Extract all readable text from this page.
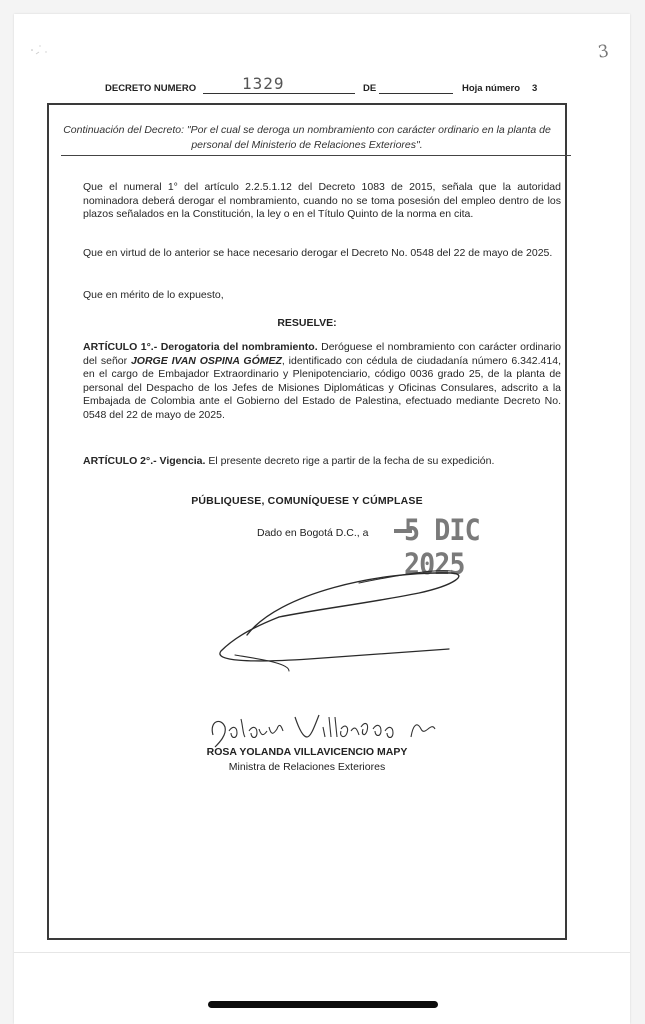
3
DECRETO NUMERO	1329	DE	Hoja número 3
Continuación del Decreto: "Por el cual se deroga un nombramiento con carácter ordinario en la planta de personal del Ministerio de Relaciones Exteriores".
Que el numeral 1° del artículo 2.2.5.1.12 del Decreto 1083 de 2015, señala que la autoridad nominadora deberá derogar el nombramiento, cuando no se toma posesión del empleo dentro de los plazos señalados en la Constitución, la ley o en el Título Quinto de la norma en cita.
Que en virtud de lo anterior se hace necesario derogar el Decreto No. 0548 del 22 de mayo de 2025.
Que en mérito de lo expuesto,
RESUELVE:
ARTÍCULO 1°.- Derogatoria del nombramiento. Deróguese el nombramiento con carácter ordinario del señor JORGE IVAN OSPINA GÓMEZ, identificado con cédula de ciudadanía número 6.342.414, en el cargo de Embajador Extraordinario y Plenipotenciario, código 0036 grado 25, de la planta de personal del Despacho de los Jefes de Misiones Diplomáticas y Oficinas Consulares, adscrito a la Embajada de Colombia ante el Gobierno del Estado de Palestina, efectuado mediante Decreto No. 0548 del 22 de mayo de 2025.
ARTÍCULO 2°.- Vigencia. El presente decreto rige a partir de la fecha de su expedición.
PÚBLIQUESE, COMUNÍQUESE Y CÚMPLASE
Dado en Bogotá D.C., a 5 DIC 2025
ROSA YOLANDA VILLAVICENCIO MAPY
Ministra de Relaciones Exteriores
